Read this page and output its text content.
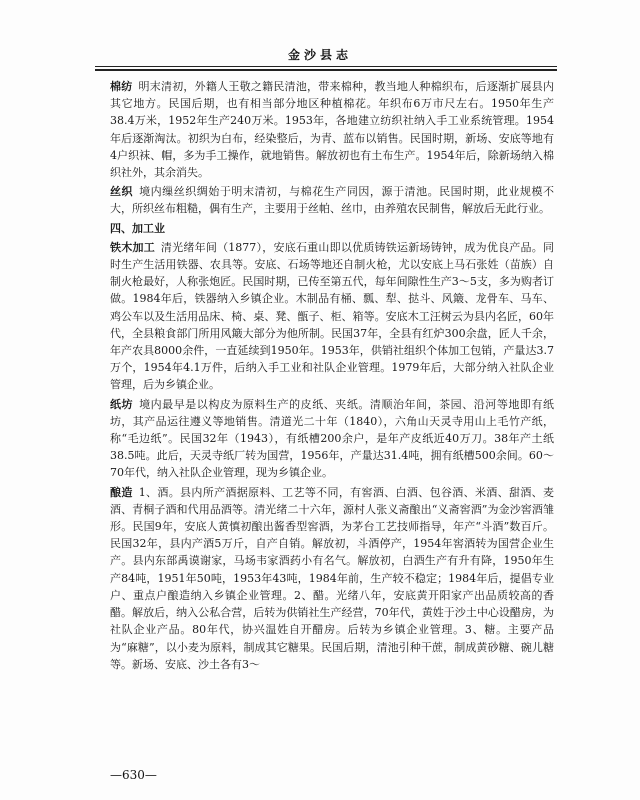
金沙县志

棉纺 明末清初，外籍人王敬之籍民清池，带来棉种，教当地人种棉织布，后逐渐扩展县内其它地方。民国后期，也有相当部分地区种植棉花。年织布6万市尺左右。1950年生产38.4万米，1952年生产240万米。1953年，各地建立纺织社纳入手工业系统管理。1954年后逐渐淘汰。初织为白布，经染整后，为青、蓝布以销售。民国时期，新场、安底等地有4户织袜、帽，多为手工操作，就地销售。解放初也有土布生产。1954年后，除新场纳入棉织社外，其余消失。

丝织 境内缫丝织绸始于明末清初，与棉花生产同因，源于清池。民国时期，此业规模不大，所织丝布粗糙，偶有生产，主要用于丝帕、丝巾，由养殖农民制售，解放后无此行业。

四、加工业

铁木加工 清光绪年间（1877），安底石重山即以优质铸铁运新场铸钟，成为优良产品。同时生产生活用铁器、农具等。安底、石场等地还自制火枪，尤以安底上马石张姓（苗族）自制火枪最好，人称张炮匠。民国时期，已传至第五代，每年间隙性生产3～5支，多为购者订做。1984年后，铁器纳入乡镇企业。木制品有桶、瓢、犁、挞斗、风簸、龙骨车、马车、鸡公车以及生活用品床、椅、桌、凳、甑子、柜、箱等。安底木工汪树云为县内名匠，60年代，全县粮食部门所用风簸大部分为他所制。民国37年，全县有红炉300余盘，匠人千余，年产农具8000余件，一直延续到1950年。1953年，供销社组织个体加工包销，产量达3.7万个，1954年4.1万件，后纳入手工业和社队企业管理。1979年后，大部分纳入社队企业管理，后为乡镇企业。

纸坊 境内最早是以构皮为原料生产的皮纸、夹纸。清顺治年间，茶园、沿河等地即有纸坊，其产品运往遵义等地销售。清道光二十年（1840），六角山天灵寺用山上毛竹产纸，称“毛边纸”。民国32年（1943），有纸槽200余户，是年产皮纸近40万刀。38年产土纸38.5吨。此后，天灵寺纸厂转为国营，1956年，产量达31.4吨，拥有纸槽500余间。60～70年代，纳入社队企业管理，现为乡镇企业。

酿造 1、酒。县内所产酒据原料、工艺等不同，有窖酒、白酒、包谷酒、米酒、甜酒、麦酒、青桐子酒和代用品酒等。清光绪二十六年，源村人张义斋酿出“义斋窖酒”为金沙窖酒雏形。民国9年，安底人黄慎初酿出酱香型窖酒，为茅台工艺技师指导，年产“斗酒”数百斤。民国32年，县内产酒5万斤，自产自销。解放初，斗酒停产，1954年窖酒转为国营企业生产。县内东部禹谟谢家，马场韦家酒药小有名气。解放初，白酒生产有升有降，1950年生产84吨，1951年50吨，1953年43吨，1984年前，生产较不稳定；1984年后，提倡专业户、重点户酿造纳入乡镇企业管理。2、醋。光绪八年，安底黄开阳家产出品质较高的香醋。解放后，纳入公私合营，后转为供销社生产经营，70年代，黄姓于沙土中心设醋房，为社队企业产品。80年代，协兴温姓自开醋房。后转为乡镇企业管理。3、糖。主要产品为“麻糖”，以小麦为原料，制成其它糖果。民国后期，清池引种干蔗，制成黄砂糖、碗儿糖等。新场、安底、沙土各有3～

—630—
